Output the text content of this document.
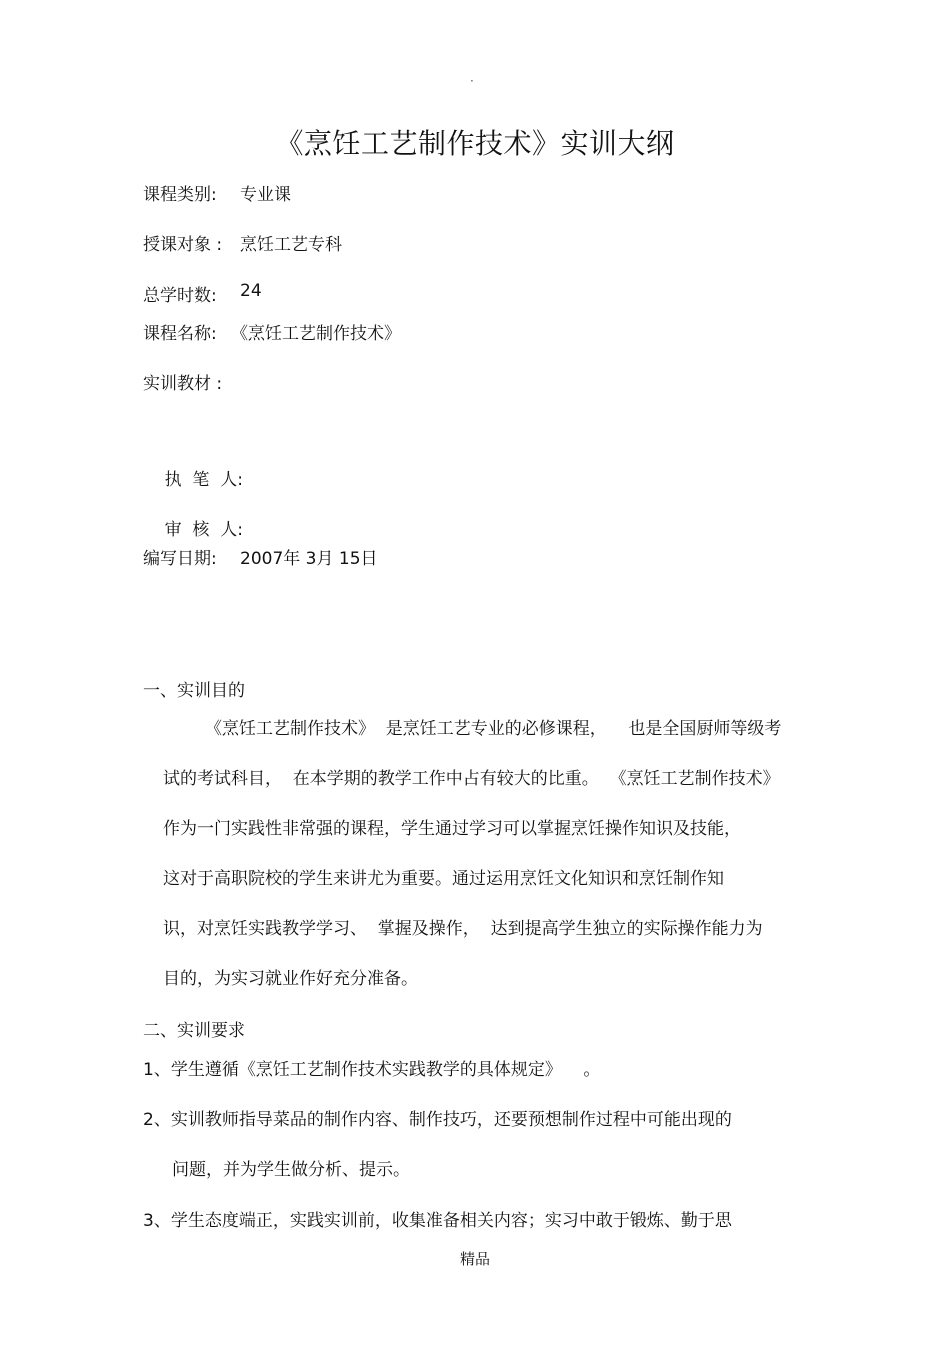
·
《烹饪工艺制作技术》实训大纲
课程类别: 专业课
授课对象 : 烹饪工艺专科
总学时数: 24
课程名称: 《烹饪工艺制作技术》
实训教材 :

执  笔  人:

审  核  人:

编写日期: 2007年 3月 15日
一、实训目的
《烹饪工艺制作技术》  是烹饪工艺专业的必修课程，    也是全国厨师等级考
试的考试科目，  在本学期的教学工作中占有较大的比重。  《烹饪工艺制作技术》
作为一门实践性非常强的课程，学生通过学习可以掌握烹饪操作知识及技能，
这对于高职院校的学生来讲尤为重要。通过运用烹饪文化知识和烹饪制作知
识，对烹饪实践教学学习、  掌握及操作，  达到提高学生独立的实际操作能力为
目的，为实习就业作好充分准备。
二、实训要求
1、学生遵循《烹饪工艺制作技术实践教学的具体规定》    。
2、实训教师指导菜品的制作内容、制作技巧，还要预想制作过程中可能出现的
问题，并为学生做分析、提示。
3、学生态度端正，实践实训前，收集准备相关内容；实习中敢于锻炼、勤于思
精品
